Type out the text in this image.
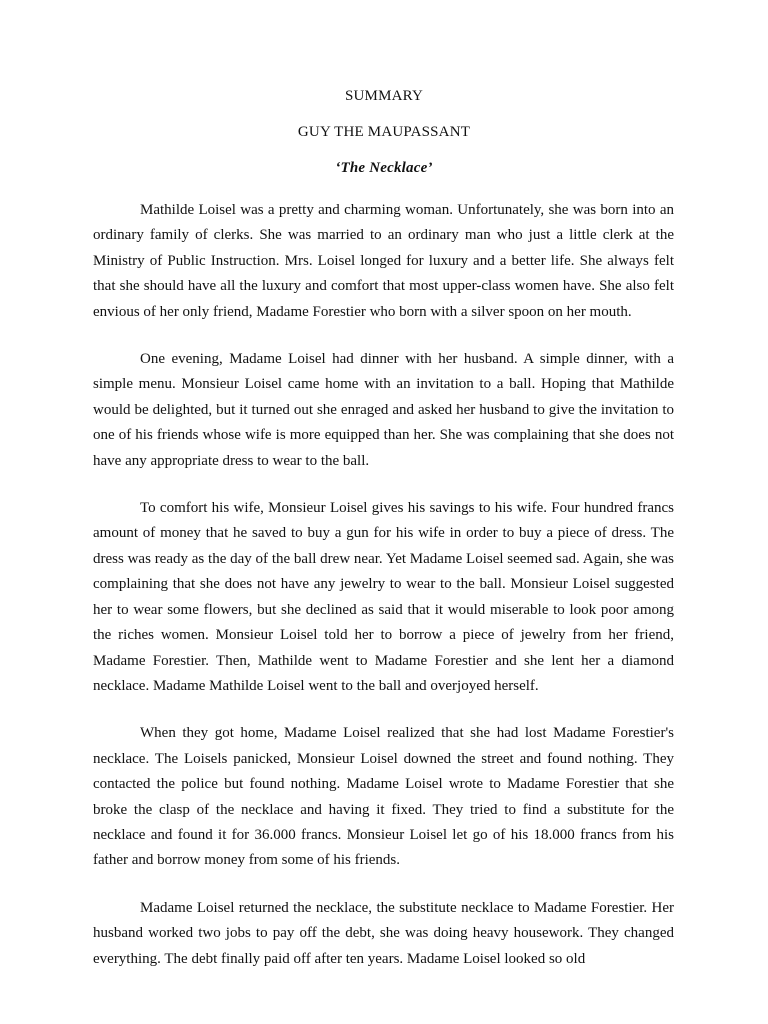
SUMMARY
GUY THE MAUPASSANT
‘The Necklace’

Mathilde Loisel was a pretty and charming woman. Unfortunately, she was born into an ordinary family of clerks. She was married to an ordinary man who just a little clerk at the Ministry of Public Instruction. Mrs. Loisel longed for luxury and a better life. She always felt that she should have all the luxury and comfort that most upper-class women have. She also felt envious of her only friend, Madame Forestier who born with a silver spoon on her mouth.

One evening, Madame Loisel had dinner with her husband. A simple dinner, with a simple menu. Monsieur Loisel came home with an invitation to a ball. Hoping that Mathilde would be delighted, but it turned out she enraged and asked her husband to give the invitation to one of his friends whose wife is more equipped than her. She was complaining that she does not have any appropriate dress to wear to the ball.

To comfort his wife, Monsieur Loisel gives his savings to his wife. Four hundred francs amount of money that he saved to buy a gun for his wife in order to buy a piece of dress. The dress was ready as the day of the ball drew near. Yet Madame Loisel seemed sad. Again, she was complaining that she does not have any jewelry to wear to the ball. Monsieur Loisel suggested her to wear some flowers, but she declined as said that it would miserable to look poor among the riches women. Monsieur Loisel told her to borrow a piece of jewelry from her friend, Madame Forestier. Then, Mathilde went to Madame Forestier and she lent her a diamond necklace. Madame Mathilde Loisel went to the ball and overjoyed herself.

When they got home, Madame Loisel realized that she had lost Madame Forestier's necklace. The Loisels panicked, Monsieur Loisel downed the street and found nothing. They contacted the police but found nothing. Madame Loisel wrote to Madame Forestier that she broke the clasp of the necklace and having it fixed. They tried to find a substitute for the necklace and found it for 36.000 francs. Monsieur Loisel let go of his 18.000 francs from his father and borrow money from some of his friends.

Madame Loisel returned the necklace, the substitute necklace to Madame Forestier. Her husband worked two jobs to pay off the debt, she was doing heavy housework. They changed everything. The debt finally paid off after ten years. Madame Loisel looked so old
